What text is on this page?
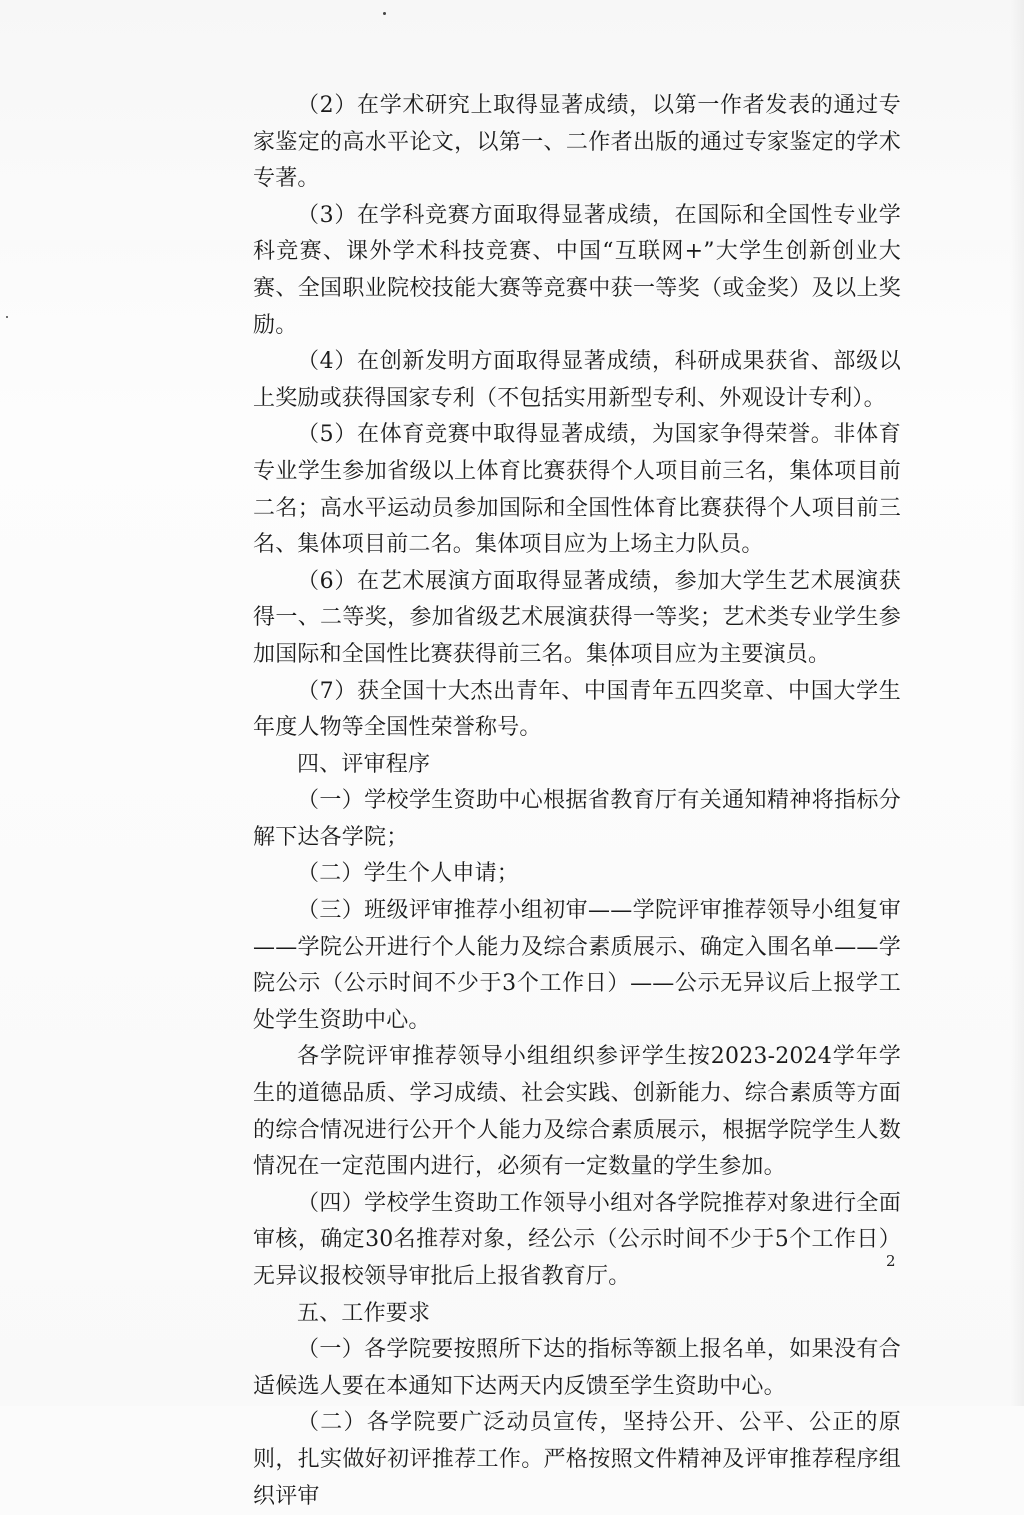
（2）在学术研究上取得显著成绩，以第一作者发表的通过专家鉴定的高水平论文，以第一、二作者出版的通过专家鉴定的学术专著。

（3）在学科竞赛方面取得显著成绩，在国际和全国性专业学科竞赛、课外学术科技竞赛、中国“互联网+”大学生创新创业大赛、全国职业院校技能大赛等竞赛中获一等奖（或金奖）及以上奖励。

（4）在创新发明方面取得显著成绩，科研成果获省、部级以上奖励或获得国家专利（不包括实用新型专利、外观设计专利）。

（5）在体育竞赛中取得显著成绩，为国家争得荣誉。非体育专业学生参加省级以上体育比赛获得个人项目前三名，集体项目前二名；高水平运动员参加国际和全国性体育比赛获得个人项目前三名、集体项目前二名。集体项目应为上场主力队员。

（6）在艺术展演方面取得显著成绩，参加大学生艺术展演获得一、二等奖，参加省级艺术展演获得一等奖；艺术类专业学生参加国际和全国性比赛获得前三名。集体项目应为主要演员。

（7）获全国十大杰出青年、中国青年五四奖章、中国大学生年度人物等全国性荣誉称号。

四、评审程序

（一）学校学生资助中心根据省教育厅有关通知精神将指标分解下达各学院；

（二）学生个人申请；

（三）班级评审推荐小组初审——学院评审推荐领导小组复审——学院公开进行个人能力及综合素质展示、确定入围名单——学院公示（公示时间不少于3个工作日）——公示无异议后上报学工处学生资助中心。

各学院评审推荐领导小组组织参评学生按2023-2024学年学生的道德品质、学习成绩、社会实践、创新能力、综合素质等方面的综合情况进行公开个人能力及综合素质展示，根据学院学生人数情况在一定范围内进行，必须有一定数量的学生参加。

（四）学校学生资助工作领导小组对各学院推荐对象进行全面审核，确定30名推荐对象，经公示（公示时间不少于5个工作日）无异议报校领导审批后上报省教育厅。

五、工作要求

（一）各学院要按照所下达的指标等额上报名单，如果没有合适候选人要在本通知下达两天内反馈至学生资助中心。

（二）各学院要广泛动员宣传，坚持公开、公平、公正的原则，扎实做好初评推荐工作。严格按照文件精神及评审推荐程序组织评审

2
